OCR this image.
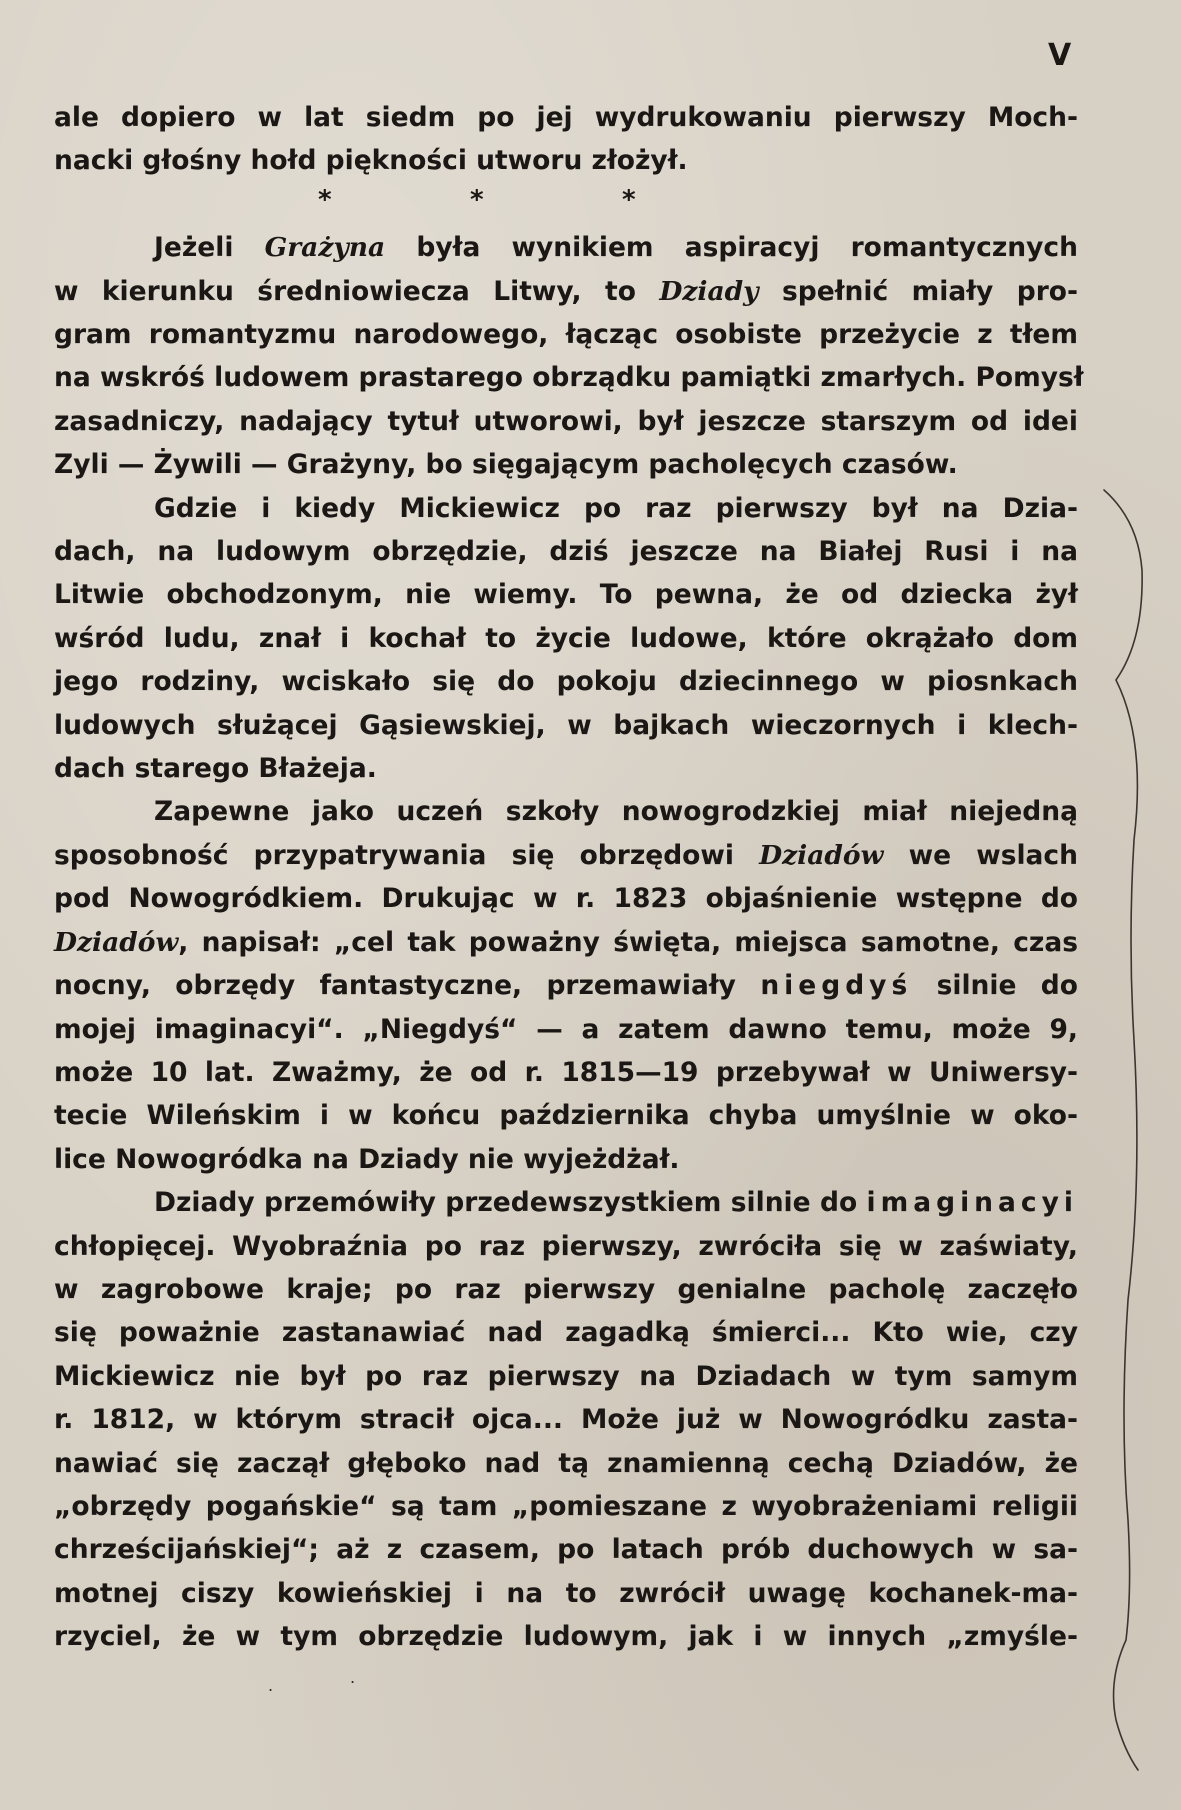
V
ale dopiero w lat siedm po jej wydrukowaniu pierwszy Moch-
nacki głośny hołd piękności utworu złożył.
*	*	*
Jeżeli Grażyna była wynikiem aspiracyj romantycznych
w kierunku średniowiecza Litwy, to Dziady spełnić miały pro-
gram romantyzmu narodowego, łącząc osobiste przeżycie z tłem
na wskróś ludowem prastarego obrządku pamiątki zmarłych. Pomysł
zasadniczy, nadający tytuł utworowi, był jeszcze starszym od idei
Zyli — Żywili — Grażyny, bo sięgającym pacholęcych czasów.
Gdzie i kiedy Mickiewicz po raz pierwszy był na Dzia-
dach, na ludowym obrzędzie, dziś jeszcze na Białej Rusi i na
Litwie obchodzonym, nie wiemy. To pewna, że od dziecka żył
wśród ludu, znał i kochał to życie ludowe, które okrążało dom
jego rodziny, wciskało się do pokoju dziecinnego w piosnkach
ludowych służącej Gąsiewskiej, w bajkach wieczornych i klech-
dach starego Błażeja.
Zapewne jako uczeń szkoły nowogrodzkiej miał niejedną
sposobność przypatrywania się obrzędowi Dziadów we wslach
pod Nowogródkiem. Drukując w r. 1823 objaśnienie wstępne do
Dziadów, napisał: „cel tak poważny święta, miejsca samotne, czas
nocny, obrzędy fantastyczne, przemawiały niegdyś silnie do
mojej imaginacyi“. „Niegdyś“ — a zatem dawno temu, może 9,
może 10 lat. Zważmy, że od r. 1815—19 przebywał w Uniwersy-
tecie Wileńskim i w końcu października chyba umyślnie w oko-
lice Nowogródka na Dziady nie wyjeżdżał.
Dziady przemówiły przedewszystkiem silnie do imaginacyi
chłopięcej. Wyobraźnia po raz pierwszy, zwróciła się w zaświaty,
w zagrobowe kraje; po raz pierwszy genialne pacholę zaczęło
się poważnie zastanawiać nad zagadką śmierci... Kto wie, czy
Mickiewicz nie był po raz pierwszy na Dziadach w tym samym
r. 1812, w którym stracił ojca... Może już w Nowogródku zasta-
nawiać się zaczął głęboko nad tą znamienną cechą Dziadów, że
„obrzędy pogańskie“ są tam „pomieszane z wyobrażeniami religii
chrześcijańskiej“; aż z czasem, po latach prób duchowych w sa-
motnej ciszy kowieńskiej i na to zwrócił uwagę kochanek-ma-
rzyciel, że w tym obrzędzie ludowym, jak i w innych „zmyśle-
.	.
